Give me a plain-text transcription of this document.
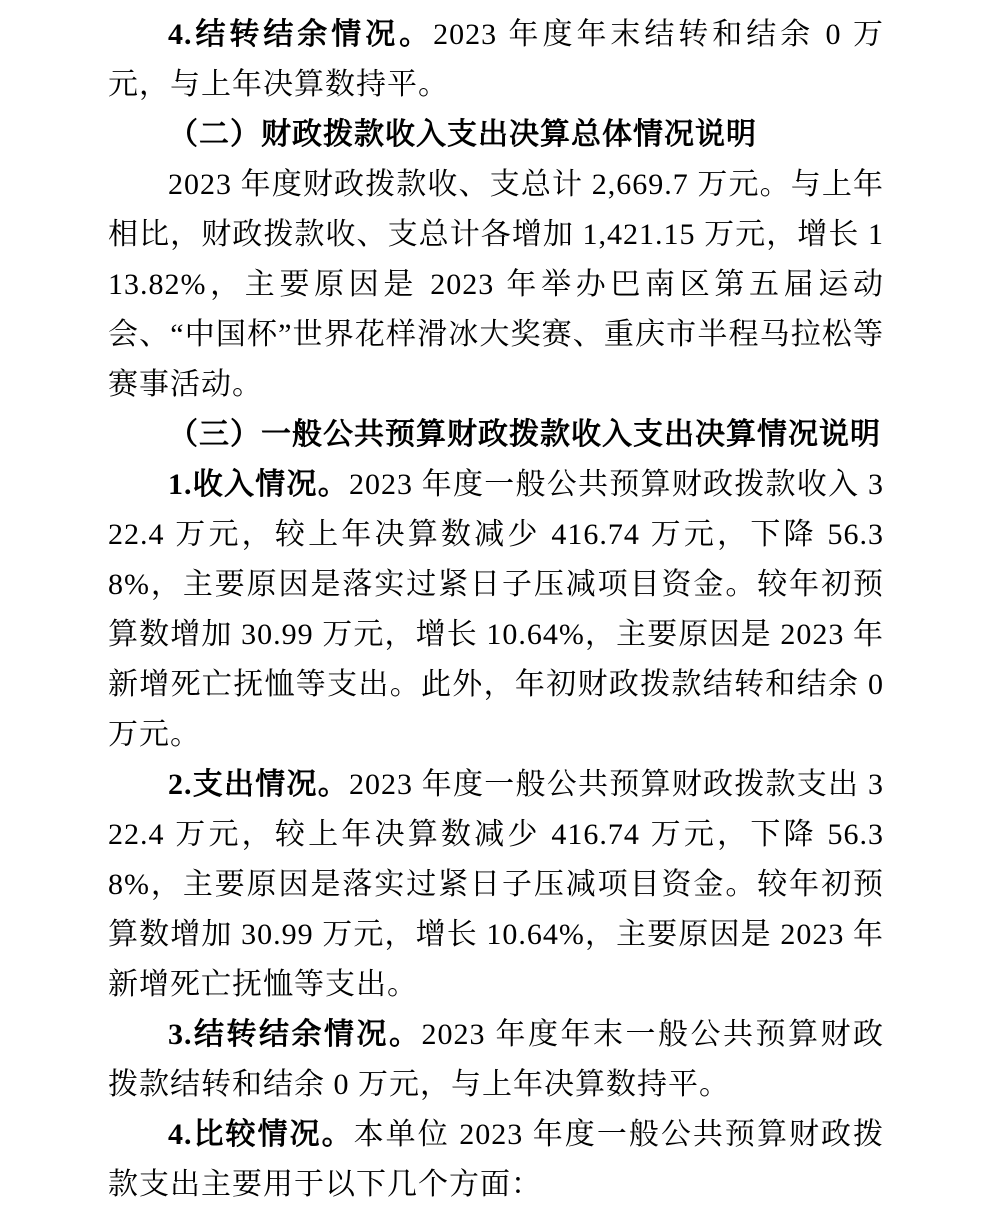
4.结转结余情况。2023 年度年末结转和结余 0 万元，与上年决算数持平。

（二）财政拨款收入支出决算总体情况说明

2023 年度财政拨款收、支总计 2,669.7 万元。与上年相比，财政拨款收、支总计各增加 1,421.15 万元，增长 113.82%，主要原因是 2023 年举办巴南区第五届运动会、“中国杯”世界花样滑冰大奖赛、重庆市半程马拉松等赛事活动。

（三）一般公共预算财政拨款收入支出决算情况说明

1.收入情况。2023 年度一般公共预算财政拨款收入 322.4 万元，较上年决算数减少 416.74 万元，下降 56.38%，主要原因是落实过紧日子压减项目资金。较年初预算数增加 30.99 万元，增长 10.64%，主要原因是 2023 年新增死亡抚恤等支出。此外，年初财政拨款结转和结余 0 万元。

2.支出情况。2023 年度一般公共预算财政拨款支出 322.4 万元，较上年决算数减少 416.74 万元，下降 56.38%，主要原因是落实过紧日子压减项目资金。较年初预算数增加 30.99 万元，增长 10.64%，主要原因是 2023 年新增死亡抚恤等支出。

3.结转结余情况。2023 年度年末一般公共预算财政拨款结转和结余 0 万元，与上年决算数持平。

4.比较情况。本单位 2023 年度一般公共预算财政拨款支出主要用于以下几个方面：
